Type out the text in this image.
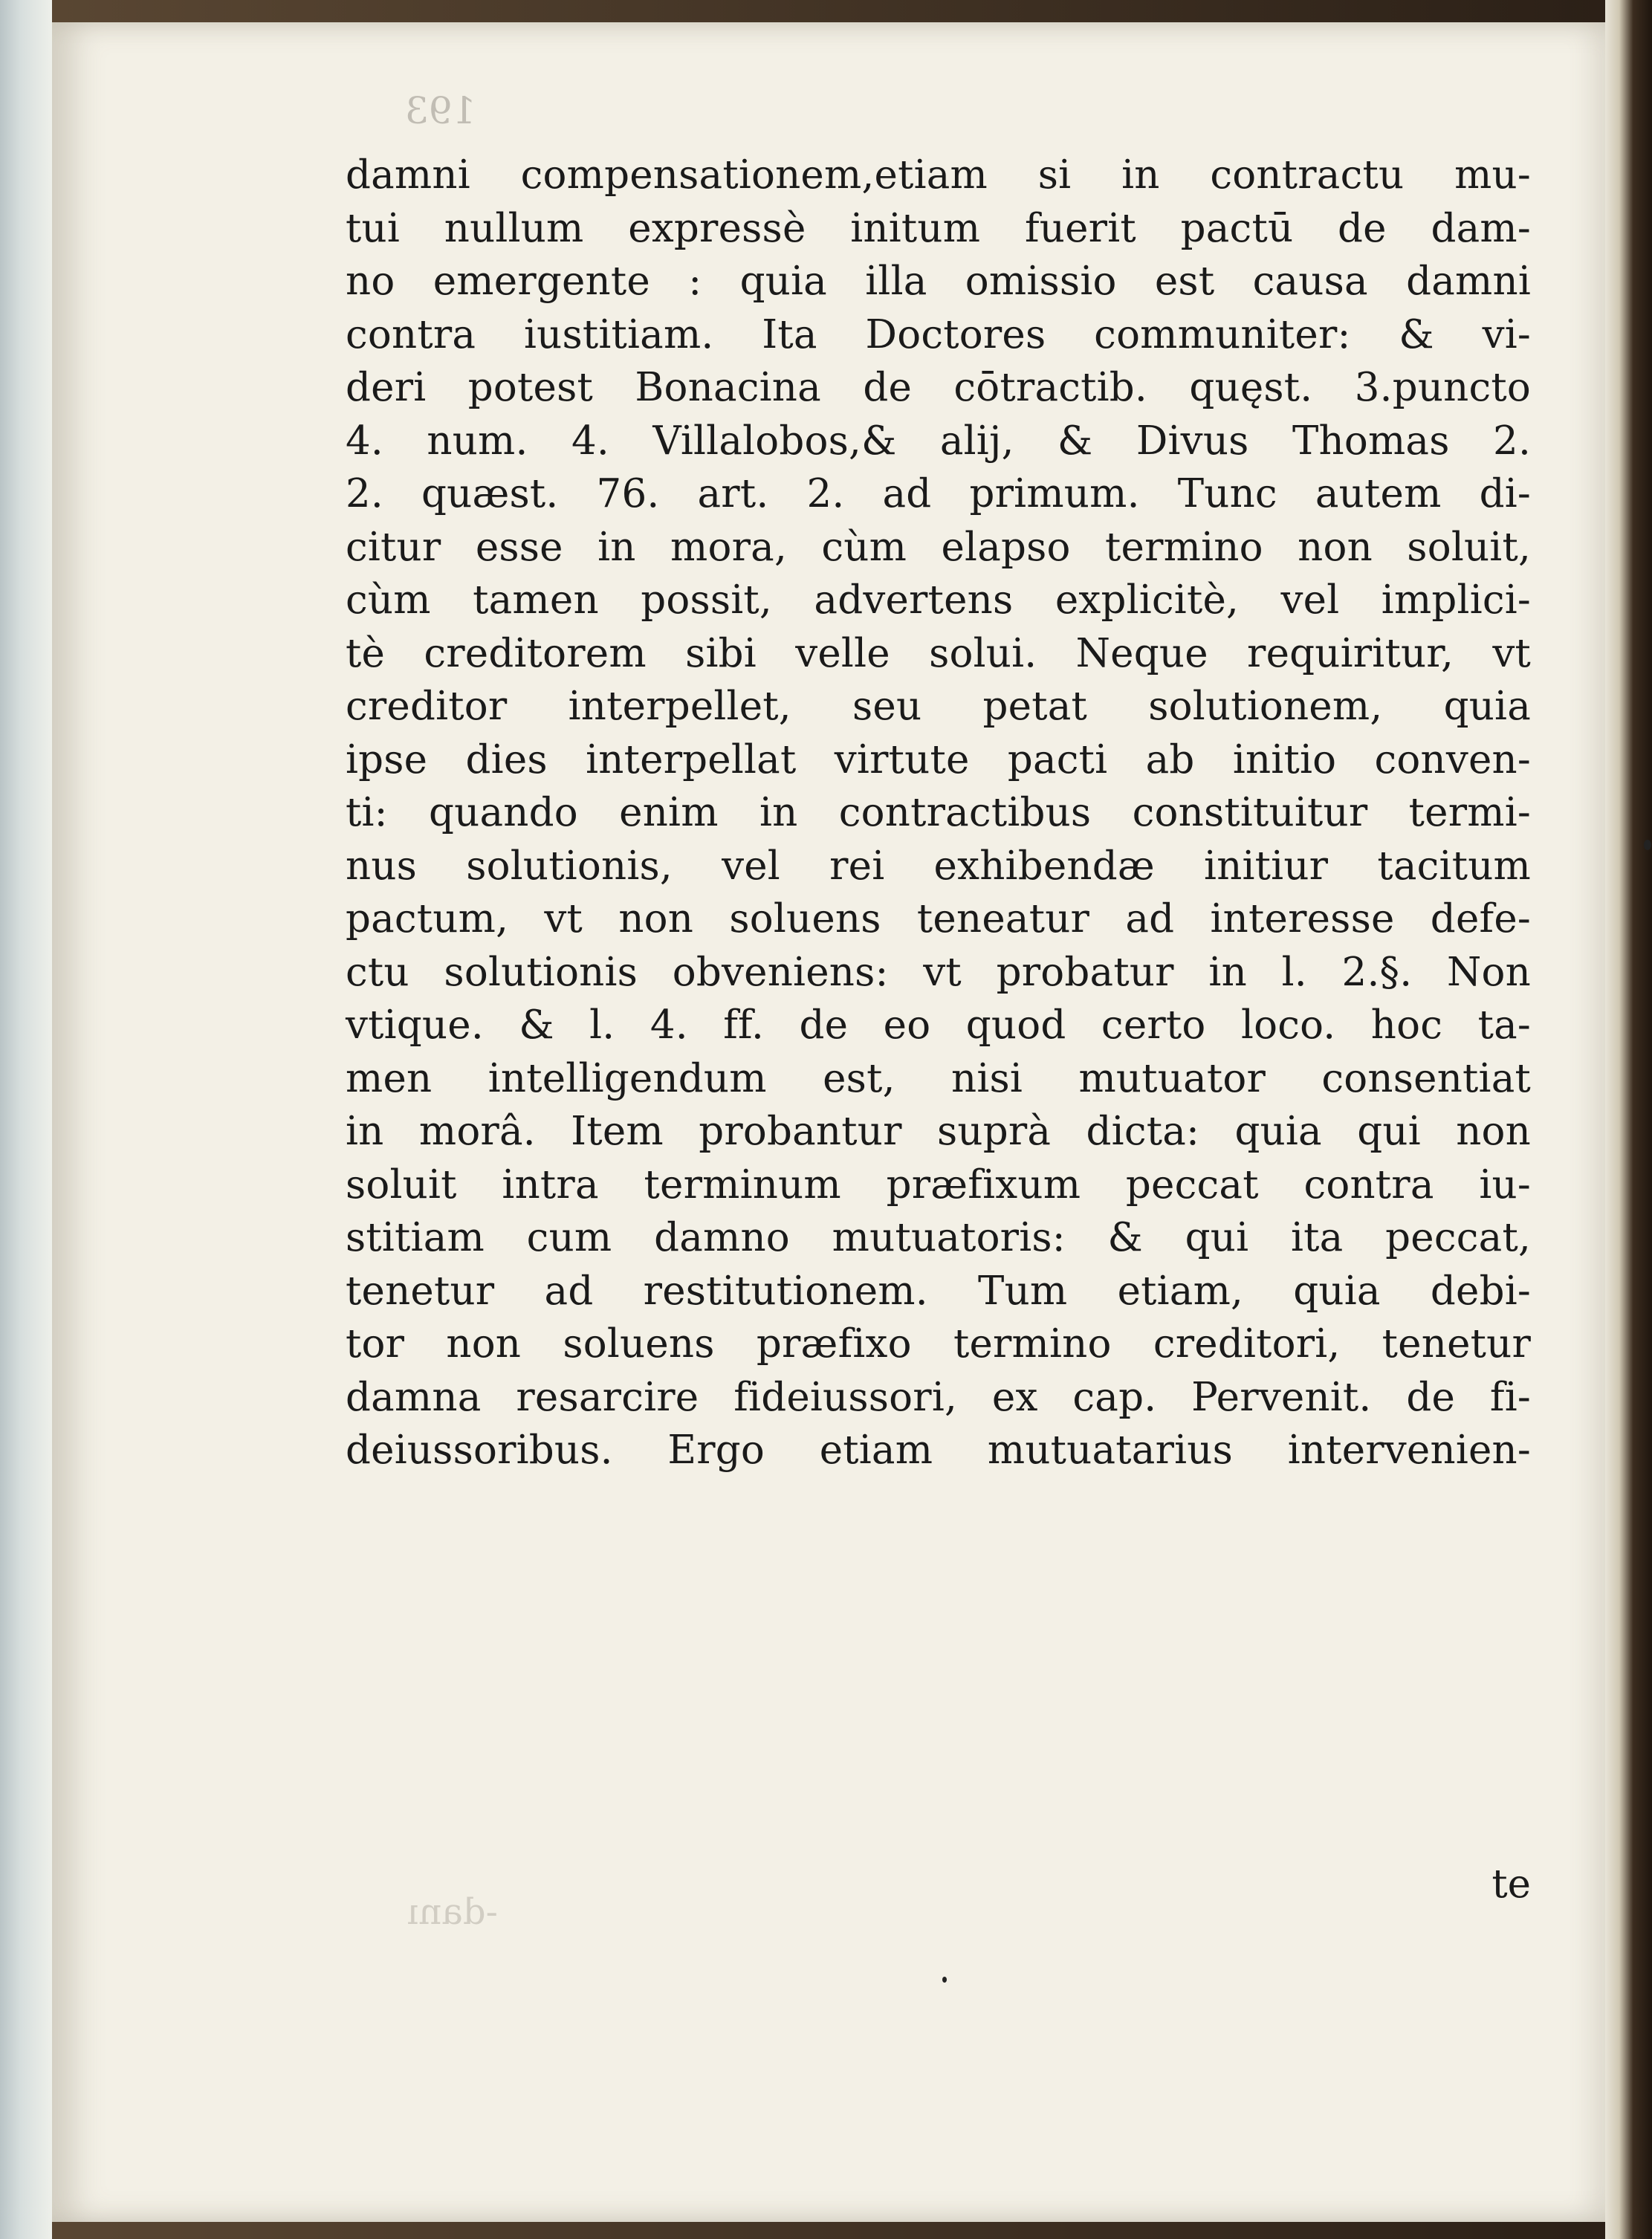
193
damni compensationem,etiam si in contractu mu-
tui nullum expressè initum fuerit pactū de dam-
no emergente : quia illa omissio est causa damni
contra iustitiam. Ita Doctores communiter: & vi-
deri potest Bonacina de cōtractib. quęst. 3.puncto
4. num. 4. Villalobos,& alij, & Divus Thomas 2.
2. quæst. 76. art. 2. ad primum. Tunc autem di-
citur esse in mora, cùm elapso termino non soluit,
cùm tamen possit, advertens explicitè, vel implici-
tè creditorem sibi velle solui. Neque requiritur, vt
creditor interpellet, seu petat solutionem, quia
ipse dies interpellat virtute pacti ab initio conven-
ti: quando enim in contractibus constituitur termi-
nus solutionis, vel rei exhibendæ initiur tacitum
pactum, vt non soluens teneatur ad interesse defe-
ctu solutionis obveniens: vt probatur in l. 2.§. Non
vtique. & l. 4. ff. de eo quod certo loco. hoc ta-
men intelligendum est, nisi mutuator consentiat
in morâ. Item probantur suprà dicta: quia qui non
soluit intra terminum præfixum peccat contra iu-
stitiam cum damno mutuatoris: & qui ita peccat,
tenetur ad restitutionem. Tum etiam, quia debi-
tor non soluens præfixo termino creditori, tenetur
damna resarcire fideiussori, ex cap. Pervenit. de fi-
deiussoribus. Ergo etiam mutuatarius intervenien-
te
-danı
